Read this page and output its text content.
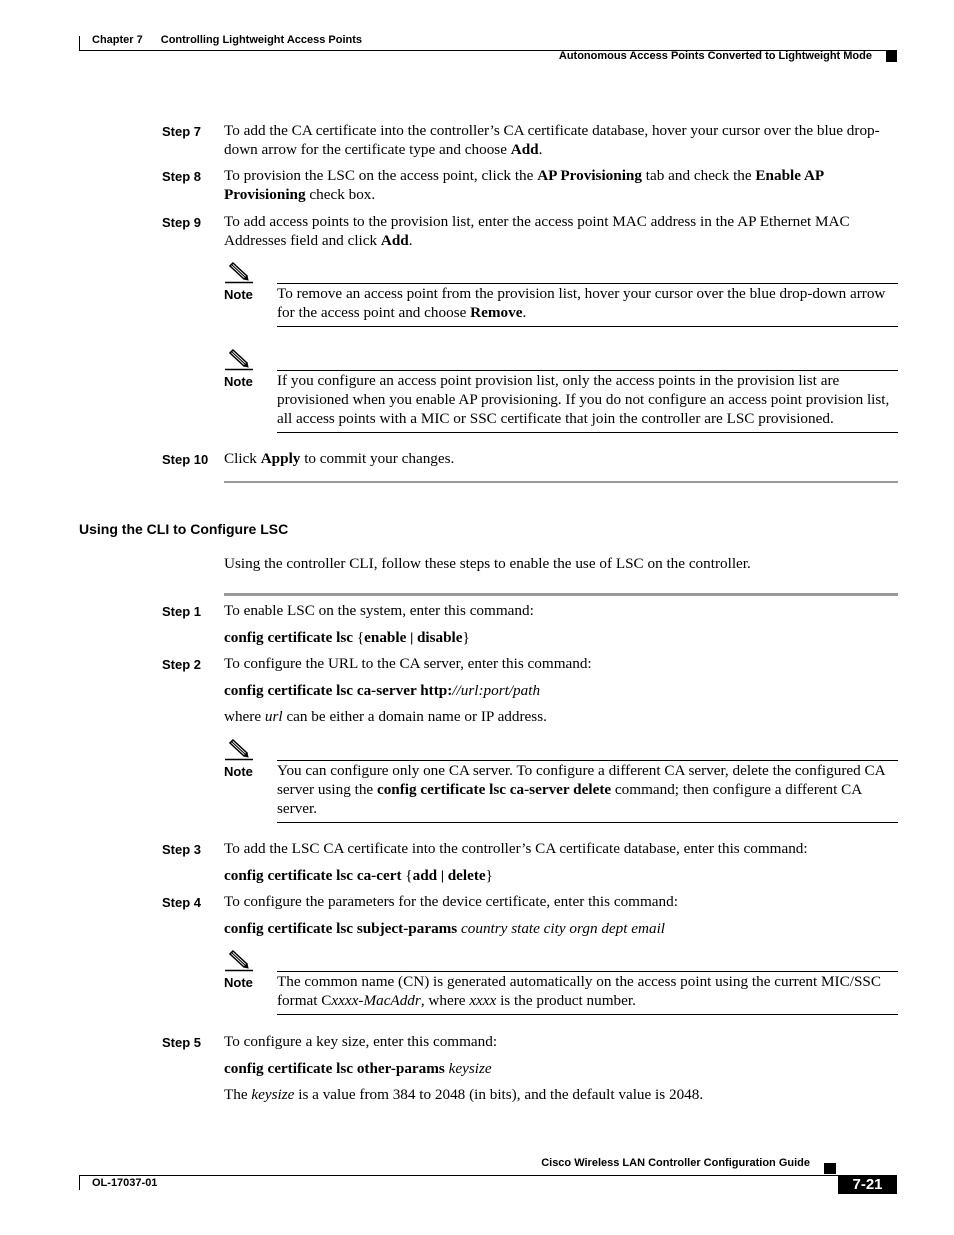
Chapter 7 Controlling Lightweight Access Points
Autonomous Access Points Converted to Lightweight Mode
Step 7 To add the CA certificate into the controller’s CA certificate database, hover your cursor over the blue drop-down arrow for the certificate type and choose Add.
Step 8 To provision the LSC on the access point, click the AP Provisioning tab and check the Enable AP Provisioning check box.
Step 9 To add access points to the provision list, enter the access point MAC address in the AP Ethernet MAC Addresses field and click Add.
Note To remove an access point from the provision list, hover your cursor over the blue drop-down arrow for the access point and choose Remove.
Note If you configure an access point provision list, only the access points in the provision list are provisioned when you enable AP provisioning. If you do not configure an access point provision list, all access points with a MIC or SSC certificate that join the controller are LSC provisioned.
Step 10 Click Apply to commit your changes.
Using the CLI to Configure LSC
Using the controller CLI, follow these steps to enable the use of LSC on the controller.
Step 1 To enable LSC on the system, enter this command:
config certificate lsc {enable | disable}
Step 2 To configure the URL to the CA server, enter this command:
config certificate lsc ca-server http://url:port/path
where url can be either a domain name or IP address.
Note You can configure only one CA server. To configure a different CA server, delete the configured CA server using the config certificate lsc ca-server delete command; then configure a different CA server.
Step 3 To add the LSC CA certificate into the controller’s CA certificate database, enter this command:
config certificate lsc ca-cert {add | delete}
Step 4 To configure the parameters for the device certificate, enter this command:
config certificate lsc subject-params country state city orgn dept email
Note The common name (CN) is generated automatically on the access point using the current MIC/SSC format Cxxxx-MacAddr, where xxxx is the product number.
Step 5 To configure a key size, enter this command:
config certificate lsc other-params keysize
The keysize is a value from 384 to 2048 (in bits), and the default value is 2048.
Cisco Wireless LAN Controller Configuration Guide
OL-17037-01	7-21
